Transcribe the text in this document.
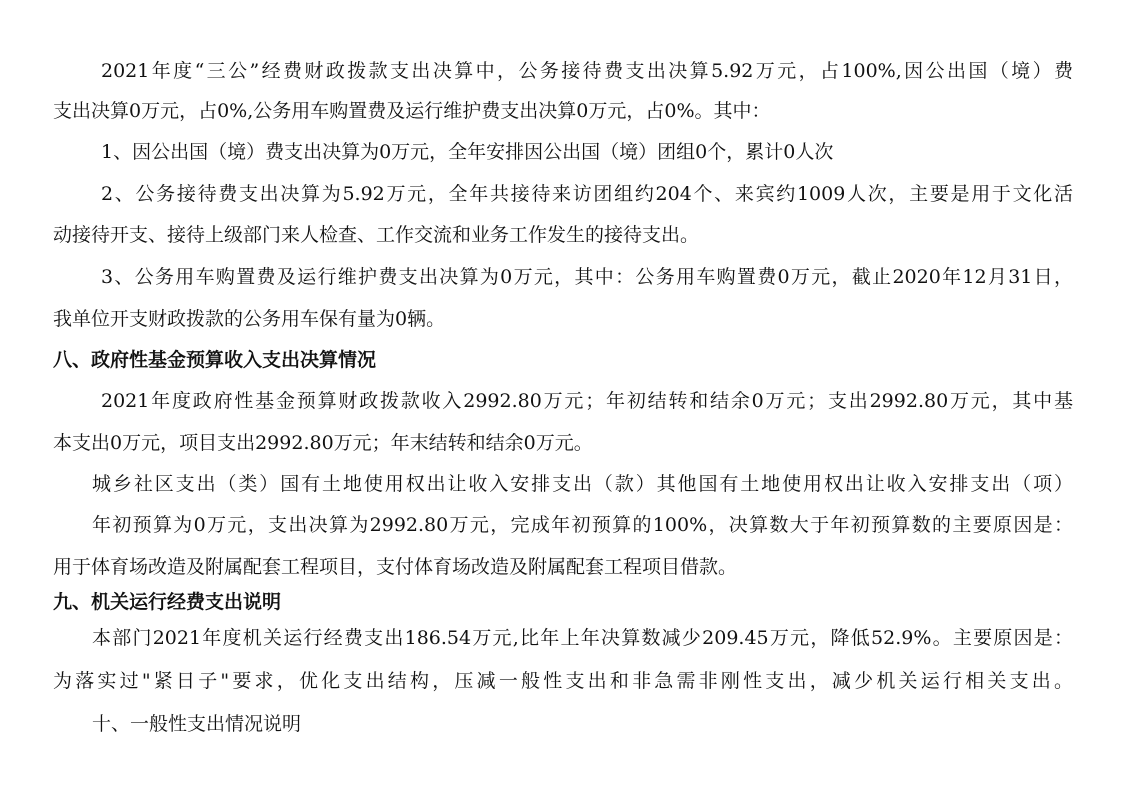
2021年度“三公”经费财政拨款支出决算中，公务接待费支出决算5.92万元，占100%,因公出国（境）费
支出决算0万元，占0%,公务用车购置费及运行维护费支出决算0万元，占0%。其中：
1、因公出国（境）费支出决算为0万元，全年安排因公出国（境）团组0个，累计0人次
2、公务接待费支出决算为5.92万元，全年共接待来访团组约204个、来宾约1009人次，主要是用于文化活
动接待开支、接待上级部门来人检查、工作交流和业务工作发生的接待支出。
3、公务用车购置费及运行维护费支出决算为0万元，其中：公务用车购置费0万元，截止2020年12月31日，
我单位开支财政拨款的公务用车保有量为0辆。
八、政府性基金预算收入支出决算情况
2021年度政府性基金预算财政拨款收入2992.80万元；年初结转和结余0万元；支出2992.80万元，其中基
本支出0万元，项目支出2992.80万元；年末结转和结余0万元。
城乡社区支出（类）国有土地使用权出让收入安排支出（款）其他国有土地使用权出让收入安排支出（项）
年初预算为0万元，支出决算为2992.80万元，完成年初预算的100%，决算数大于年初预算数的主要原因是：
用于体育场改造及附属配套工程项目，支付体育场改造及附属配套工程项目借款。
九、机关运行经费支出说明
本部门2021年度机关运行经费支出186.54万元,比年上年决算数减少209.45万元，降低52.9%。主要原因是：
为落实过"紧日子"要求，优化支出结构，压减一般性支出和非急需非刚性支出，减少机关运行相关支出。
十、一般性支出情况说明
